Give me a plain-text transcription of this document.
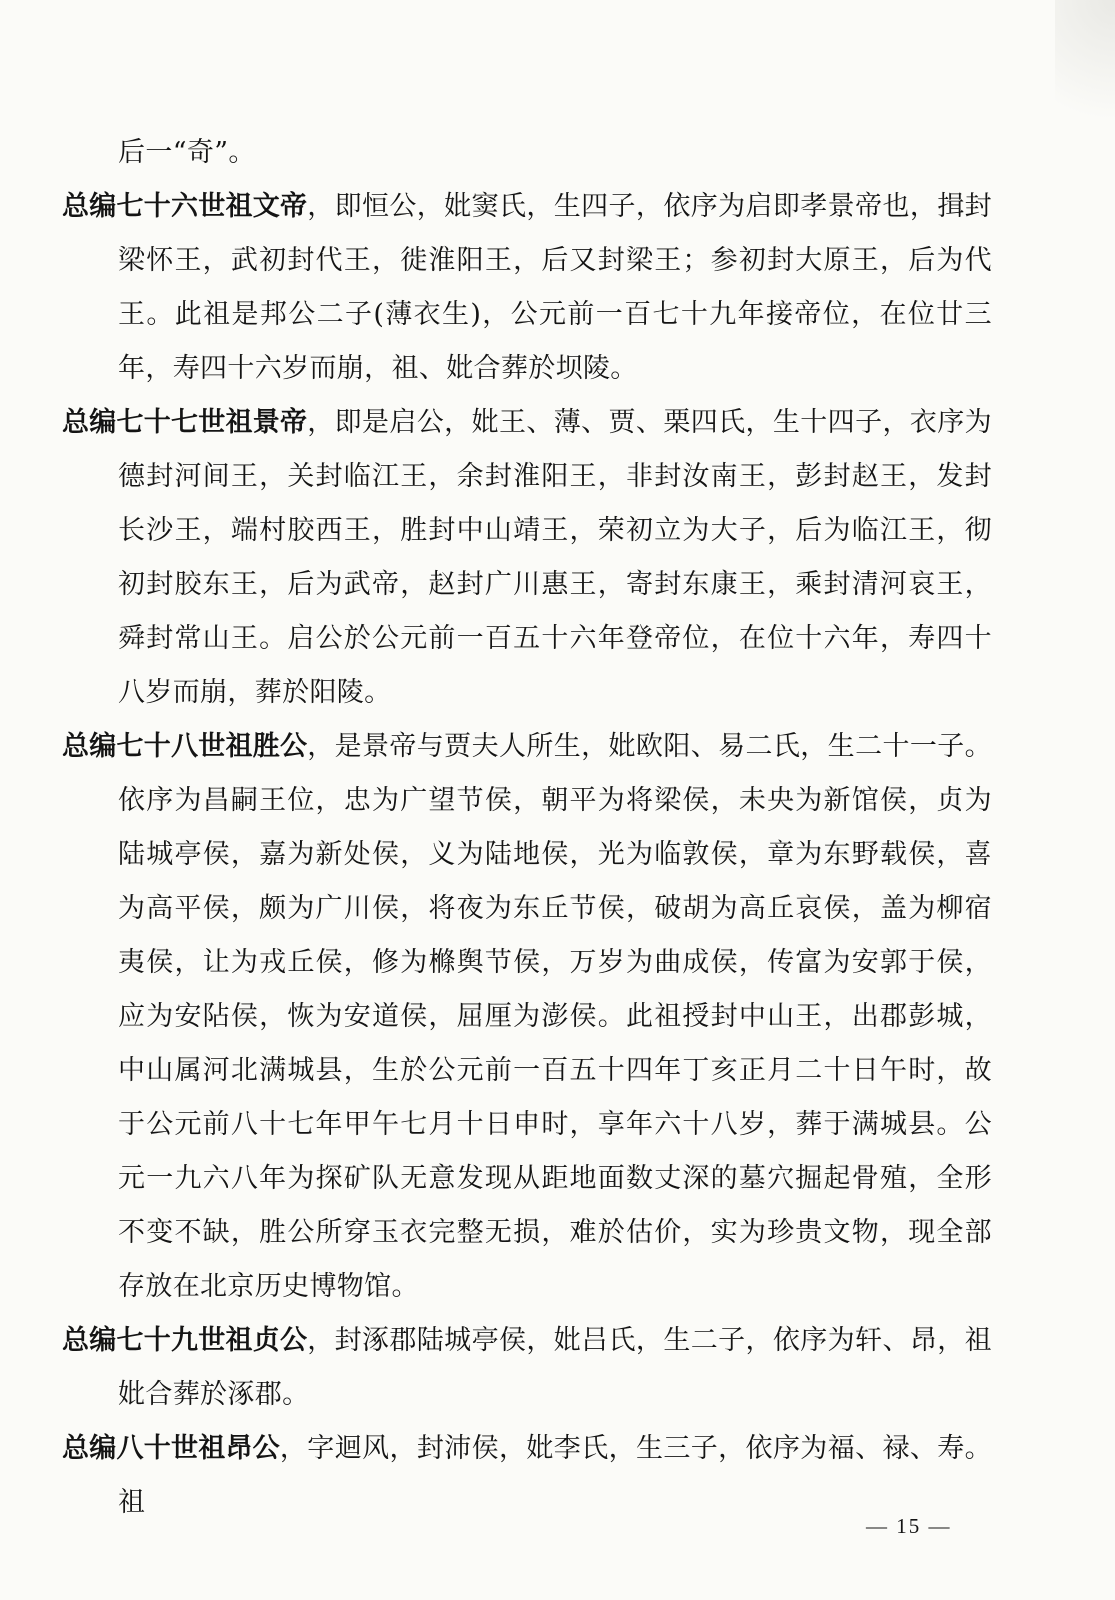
后一“奇”。

总编七十六世祖文帝，即恒公，妣窦氏，生四子，依序为启即孝景帝也，揖封梁怀王，武初封代王，徙淮阳王，后又封梁王；参初封大原王，后为代王。此祖是邦公二子(薄衣生)，公元前一百七十九年接帝位，在位廿三年，寿四十六岁而崩，祖、妣合葬於坝陵。

总编七十七世祖景帝，即是启公，妣王、薄、贾、栗四氏，生十四子，衣序为德封河间王，关封临江王，余封淮阳王，非封汝南王，彭封赵王，发封长沙王，端村胶西王，胜封中山靖王，荣初立为大子，后为临江王，彻初封胶东王，后为武帝，赵封广川惠王，寄封东康王，乘封清河哀王，舜封常山王。启公於公元前一百五十六年登帝位，在位十六年，寿四十八岁而崩，葬於阳陵。

总编七十八世祖胜公，是景帝与贾夫人所生，妣欧阳、易二氏，生二十一子。依序为昌嗣王位，忠为广望节侯，朝平为将梁侯，未央为新馆侯，贞为陆城亭侯，嘉为新处侯，义为陆地侯，光为临敦侯，章为东野载侯，喜为高平侯，颇为广川侯，将夜为东丘节侯，破胡为高丘哀侯，盖为柳宿夷侯，让为戎丘侯，修为樤舆节侯，万岁为曲成侯，传富为安郭于侯，应为安阽侯，恢为安道侯，屈厘为澎侯。此祖授封中山王，出郡彭城，中山属河北满城县，生於公元前一百五十四年丁亥正月二十日午时，故于公元前八十七年甲午七月十日申时，享年六十八岁，葬于满城县。公元一九六八年为探矿队无意发现从距地面数丈深的墓穴掘起骨殖，全形不变不缺，胜公所穿玉衣完整无损，难於估价，实为珍贵文物，现全部存放在北京历史博物馆。

总编七十九世祖贞公，封涿郡陆城亭侯，妣吕氏，生二子，依序为轩、昂，祖妣合葬於涿郡。

总编八十世祖昂公，字迴风，封沛侯，妣李氏，生三子，依序为福、禄、寿。祖

— 15 —
